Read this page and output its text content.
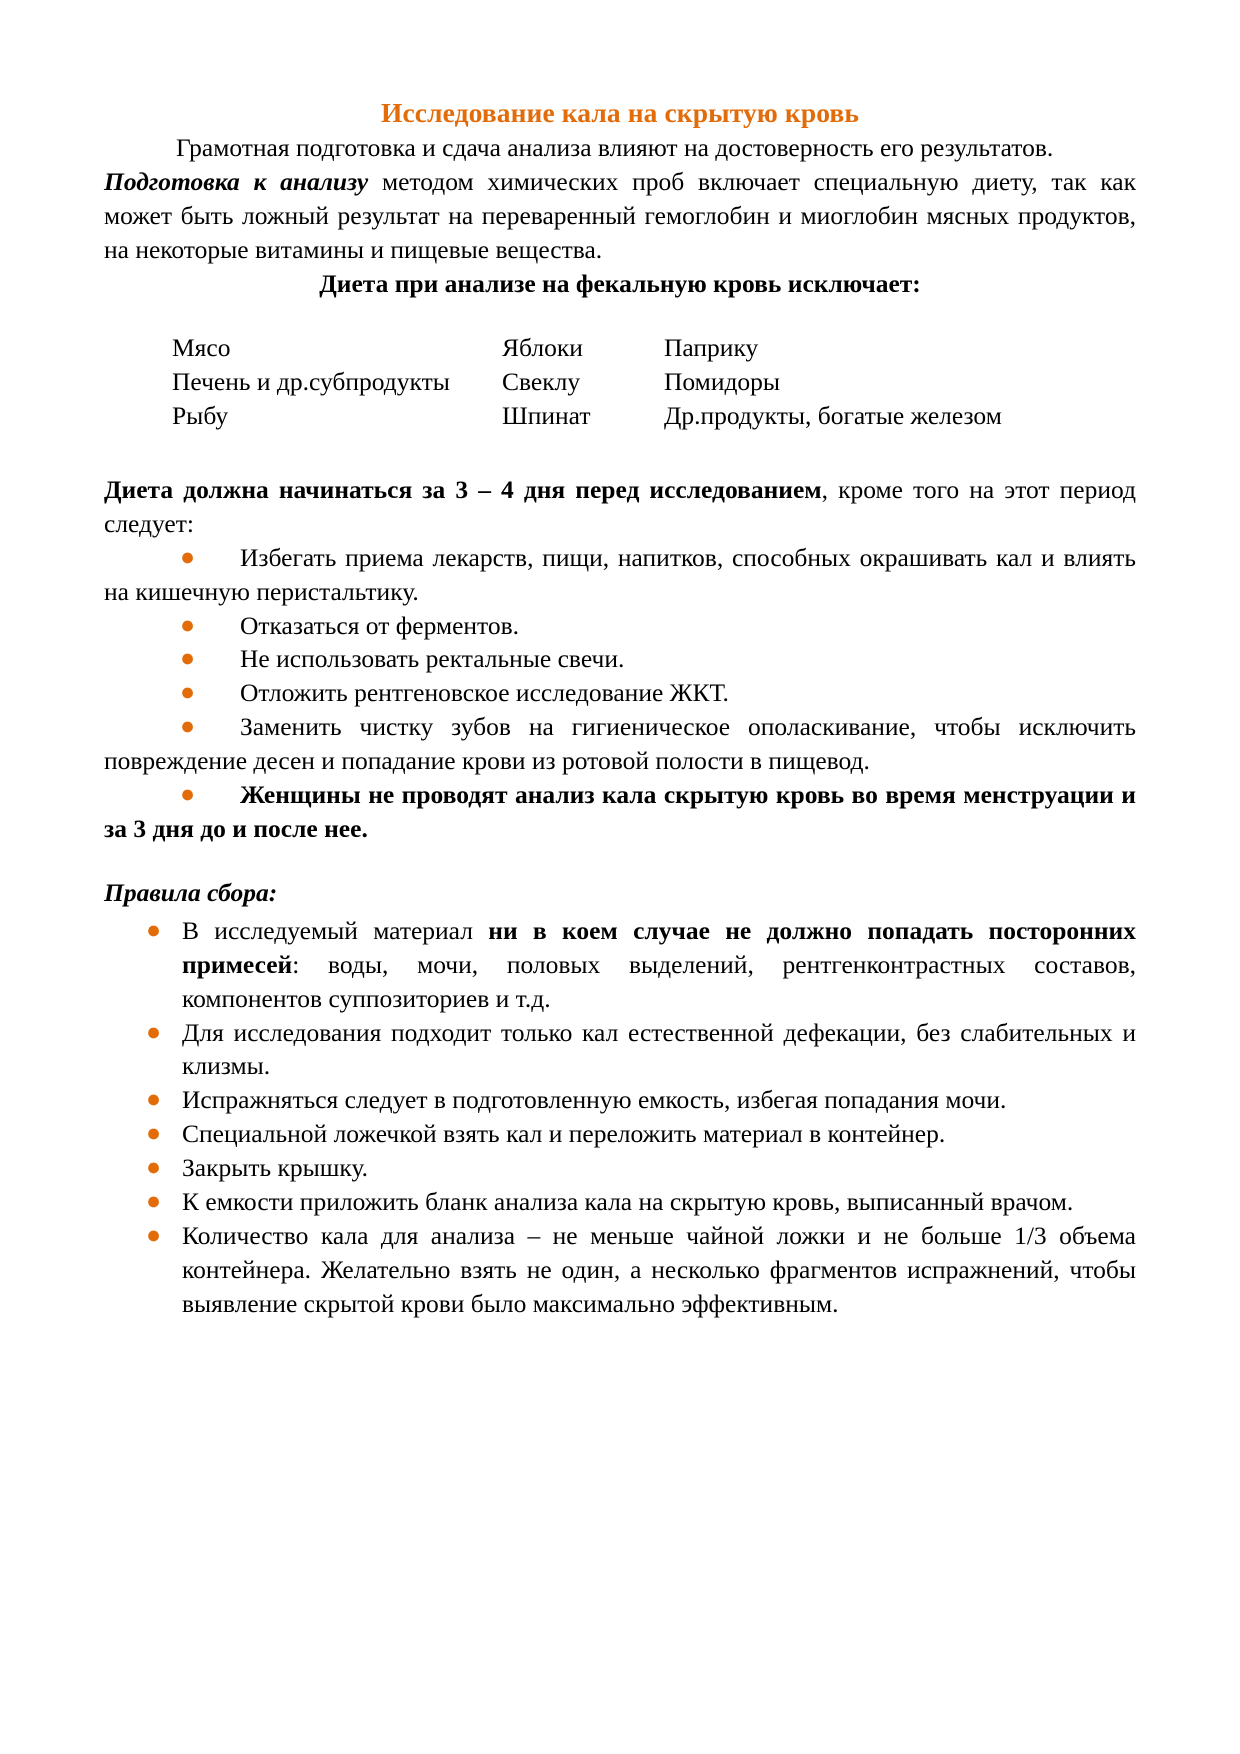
Исследование кала на скрытую кровь

Грамотная подготовка и сдача анализа влияют на достоверность его результатов.

Подготовка к анализу методом химических проб включает специальную диету, так как может быть ложный результат на переваренный гемоглобин и миоглобин мясных продуктов, на некоторые витамины и пищевые вещества.

Диета при анализе на фекальную кровь исключает:

Мясо	Яблоки	Паприку
Печень и др.субпродукты	Свеклу	Помидоры
Рыбу	Шпинат	Др.продукты, богатые железом

Диета должна начинаться за 3 – 4 дня перед исследованием, кроме того на этот период следует:

●	Избегать приема лекарств, пищи, напитков, способных окрашивать кал и влиять на кишечную перистальтику.
●	Отказаться от ферментов.
●	Не использовать ректальные свечи.
●	Отложить рентгеновское исследование ЖКТ.
●	Заменить чистку зубов на гигиеническое ополаскивание, чтобы исключить повреждение десен и попадание крови из ротовой полости в пищевод.
●	Женщины не проводят анализ кала скрытую кровь во время менструации и за 3 дня до и после нее.

Правила сбора:

● В исследуемый материал ни в коем случае не должно попадать посторонних примесей: воды, мочи, половых выделений, рентгенконтрастных составов, компонентов суппозиториев и т.д.
● Для исследования подходит только кал естественной дефекации, без слабительных и клизмы.
● Испражняться следует в подготовленную емкость, избегая попадания мочи.
● Специальной ложечкой взять кал и переложить материал в контейнер.
● Закрыть крышку.
● К емкости приложить бланк анализа кала на скрытую кровь, выписанный врачом.
● Количество кала для анализа – не меньше чайной ложки и не больше 1/3 объема контейнера. Желательно взять не один, а несколько фрагментов испражнений, чтобы выявление скрытой крови было максимально эффективным.
